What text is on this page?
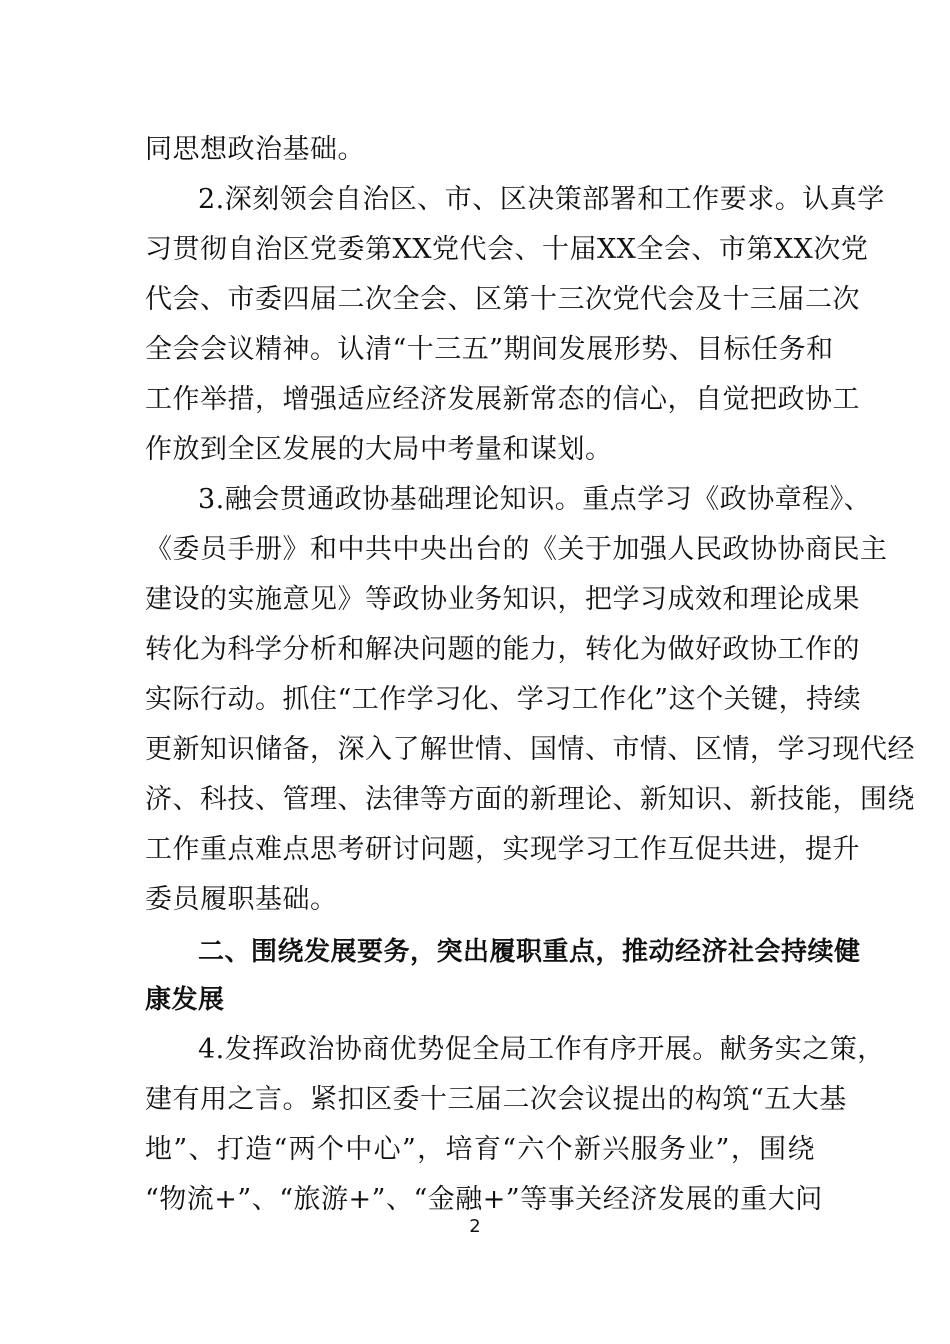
同思想政治基础。
2.深刻领会自治区、市、区决策部署和工作要求。认真学
习贯彻自治区党委第XX党代会、十届XX全会、市第XX次党
代会、市委四届二次全会、区第十三次党代会及十三届二次
全会会议精神。认清“十三五”期间发展形势、目标任务和
工作举措，增强适应经济发展新常态的信心，自觉把政协工
作放到全区发展的大局中考量和谋划。
3.融会贯通政协基础理论知识。重点学习《政协章程》、
《委员手册》和中共中央出台的《关于加强人民政协协商民主
建设的实施意见》等政协业务知识，把学习成效和理论成果
转化为科学分析和解决问题的能力，转化为做好政协工作的
实际行动。抓住“工作学习化、学习工作化”这个关键，持续
更新知识储备，深入了解世情、国情、市情、区情，学习现代经
济、科技、管理、法律等方面的新理论、新知识、新技能，围绕
工作重点难点思考研讨问题，实现学习工作互促共进，提升
委员履职基础。
二、围绕发展要务，突出履职重点，推动经济社会持续健
康发展
4.发挥政治协商优势促全局工作有序开展。献务实之策，
建有用之言。紧扣区委十三届二次会议提出的构筑“五大基
地”、打造“两个中心”，培育“六个新兴服务业”，围绕
“物流+”、“旅游+”、“金融+”等事关经济发展的重大问
2
